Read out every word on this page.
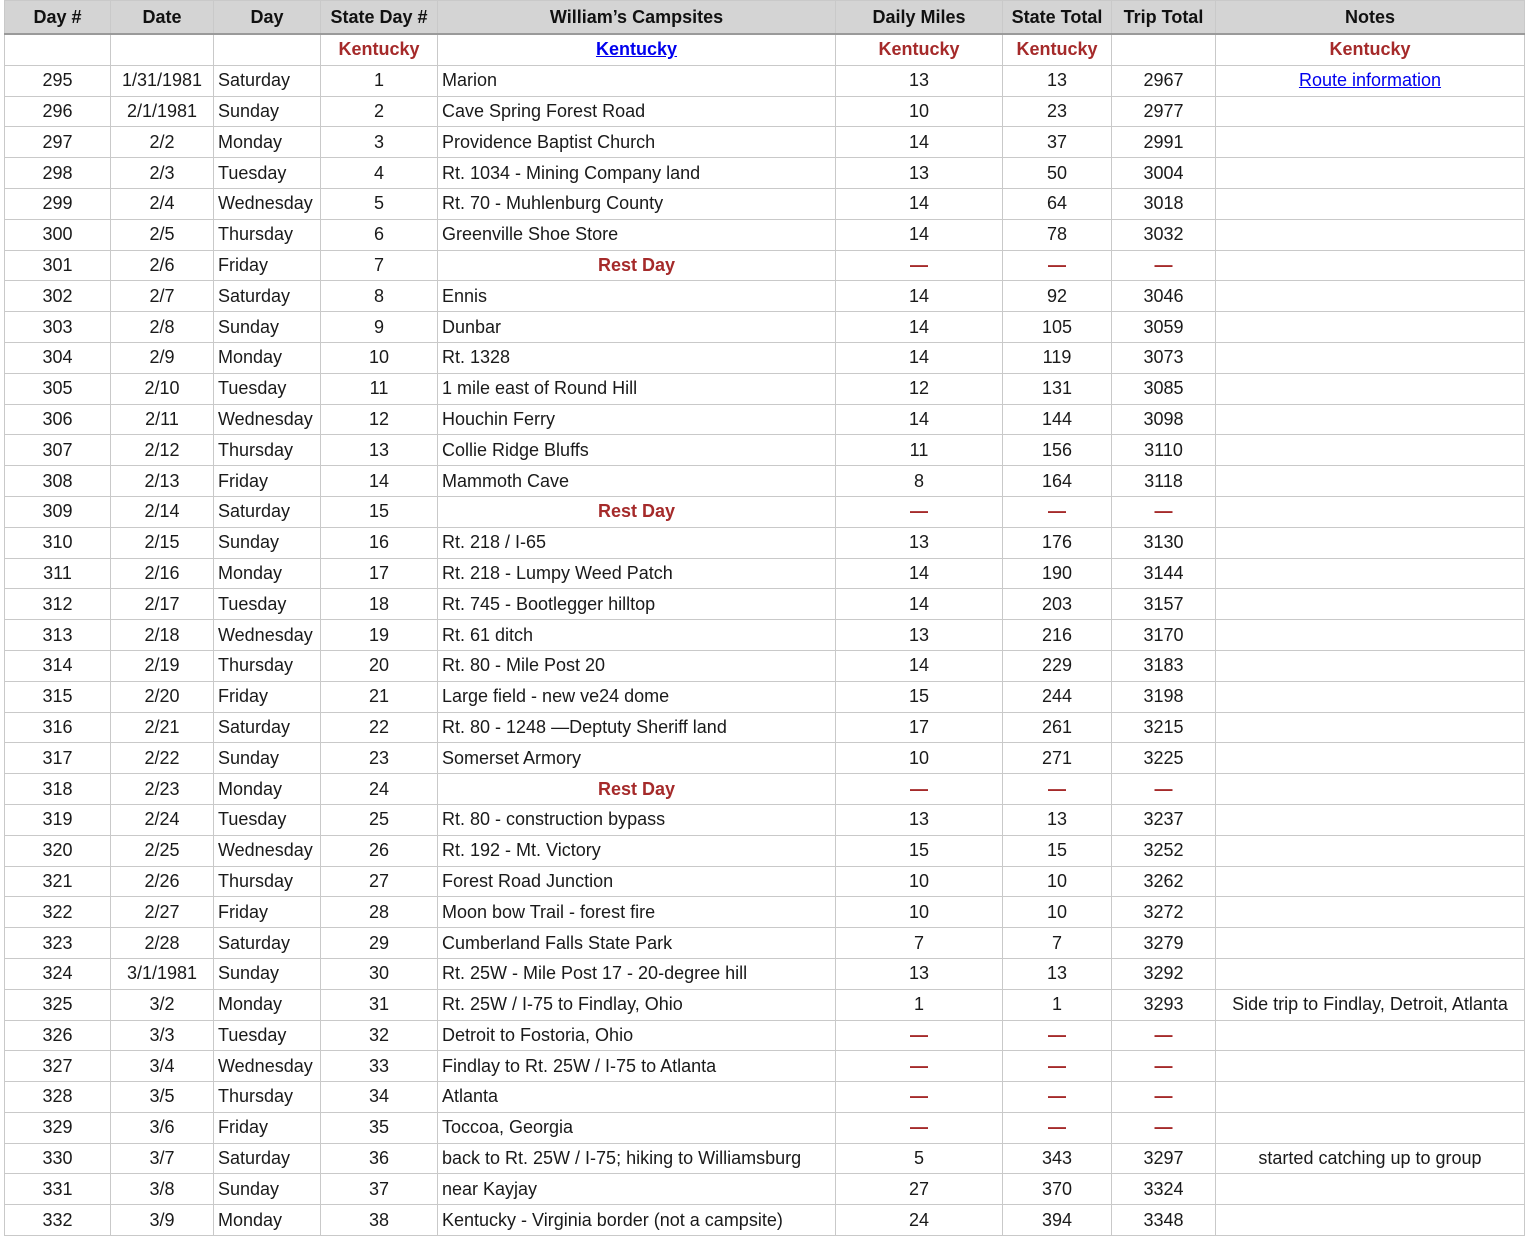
Day #	Date	Day	State Day #	William’s Campsites	Daily Miles	State Total	Trip Total	Notes
			Kentucky	Kentucky	Kentucky	Kentucky		Kentucky
295	1/31/1981	Saturday	1	Marion	13	13	2967	Route information
296	2/1/1981	Sunday	2	Cave Spring Forest Road	10	23	2977	
297	2/2	Monday	3	Providence Baptist Church	14	37	2991	
298	2/3	Tuesday	4	Rt. 1034 - Mining Company land	13	50	3004	
299	2/4	Wednesday	5	Rt. 70 - Muhlenburg County	14	64	3018	
300	2/5	Thursday	6	Greenville Shoe Store	14	78	3032	
301	2/6	Friday	7	Rest Day	—	—	—	
302	2/7	Saturday	8	Ennis	14	92	3046	
303	2/8	Sunday	9	Dunbar	14	105	3059	
304	2/9	Monday	10	Rt. 1328	14	119	3073	
305	2/10	Tuesday	11	1 mile east of Round Hill	12	131	3085	
306	2/11	Wednesday	12	Houchin Ferry	14	144	3098	
307	2/12	Thursday	13	Collie Ridge Bluffs	11	156	3110	
308	2/13	Friday	14	Mammoth Cave	8	164	3118	
309	2/14	Saturday	15	Rest Day	—	—	—	
310	2/15	Sunday	16	Rt. 218 / I-65	13	176	3130	
311	2/16	Monday	17	Rt. 218 - Lumpy Weed Patch	14	190	3144	
312	2/17	Tuesday	18	Rt. 745 - Bootlegger hilltop	14	203	3157	
313	2/18	Wednesday	19	Rt. 61 ditch	13	216	3170	
314	2/19	Thursday	20	Rt. 80 - Mile Post 20	14	229	3183	
315	2/20	Friday	21	Large field - new ve24 dome	15	244	3198	
316	2/21	Saturday	22	Rt. 80 - 1248 —Deptuty Sheriff land	17	261	3215	
317	2/22	Sunday	23	Somerset Armory	10	271	3225	
318	2/23	Monday	24	Rest Day	—	—	—	
319	2/24	Tuesday	25	Rt. 80 - construction bypass	13	13	3237	
320	2/25	Wednesday	26	Rt. 192 - Mt. Victory	15	15	3252	
321	2/26	Thursday	27	Forest Road Junction	10	10	3262	
322	2/27	Friday	28	Moon bow Trail - forest fire	10	10	3272	
323	2/28	Saturday	29	Cumberland Falls State Park	7	7	3279	
324	3/1/1981	Sunday	30	Rt. 25W - Mile Post 17 - 20-degree hill	13	13	3292	
325	3/2	Monday	31	Rt. 25W / I-75 to Findlay, Ohio	1	1	3293	Side trip to Findlay, Detroit, Atlanta
326	3/3	Tuesday	32	Detroit to Fostoria, Ohio	—	—	—	
327	3/4	Wednesday	33	Findlay to Rt. 25W / I-75 to Atlanta	—	—	—	
328	3/5	Thursday	34	Atlanta	—	—	—	
329	3/6	Friday	35	Toccoa, Georgia	—	—	—	
330	3/7	Saturday	36	back to Rt. 25W / I-75; hiking to Williamsburg	5	343	3297	started catching up to group
331	3/8	Sunday	37	near Kayjay	27	370	3324	
332	3/9	Monday	38	Kentucky - Virginia border (not a campsite)	24	394	3348	
